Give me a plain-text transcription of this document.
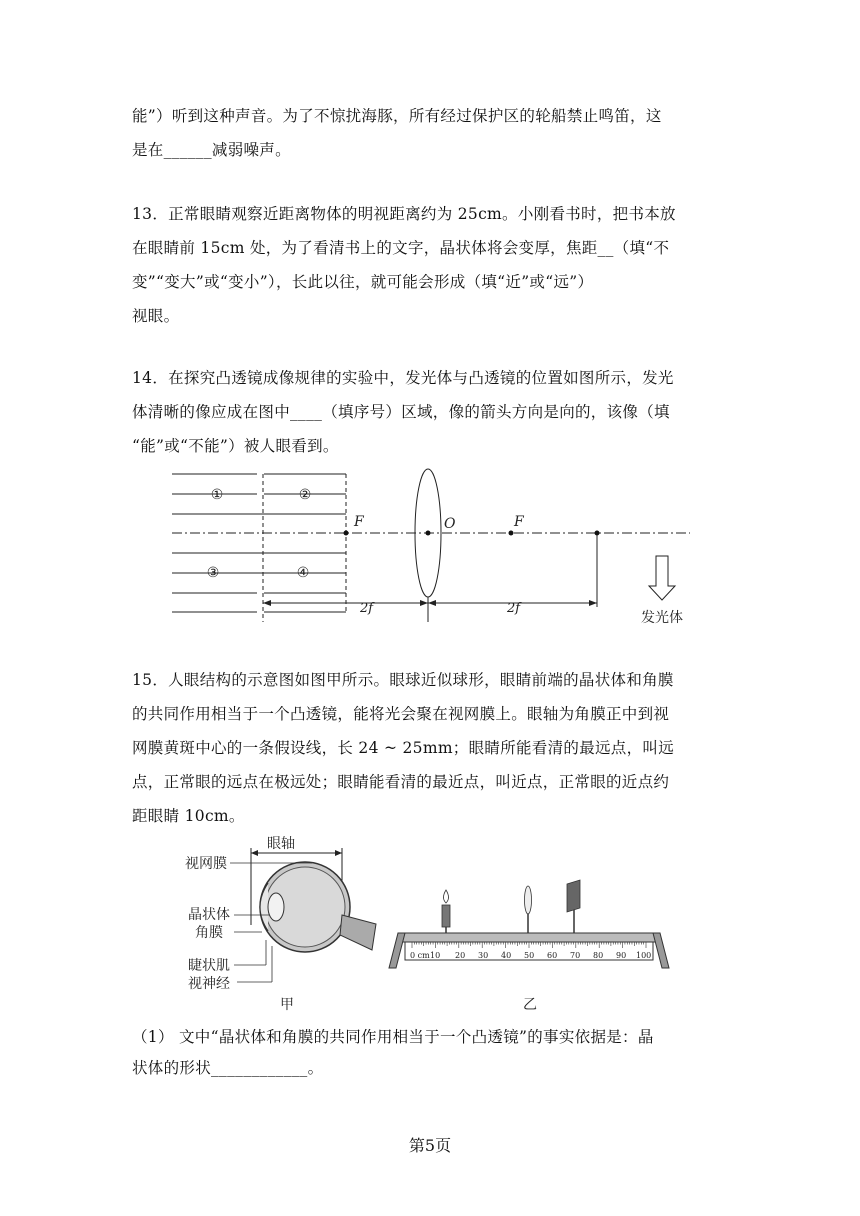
能”）听到这种声音。为了不惊扰海豚，所有经过保护区的轮船禁止鸣笛，这
是在______减弱噪声。
13．正常眼睛观察近距离物体的明视距离约为 25cm。小刚看书时，把书本放
在眼睛前 15cm 处，为了看清书上的文字，晶状体将会变厚，焦距__（填“不
变”“变大”或“变小”），长此以往，就可能会形成（填“近”或“远”）
视眼。
14．在探究凸透镜成像规律的实验中，发光体与凸透镜的位置如图所示，发光
体清晰的像应成在图中____（填序号）区域，像的箭头方向是向的，该像（填
“能”或“不能”）被人眼看到。
15．人眼结构的示意图如图甲所示。眼球近似球形，眼睛前端的晶状体和角膜
的共同作用相当于一个凸透镜，能将光会聚在视网膜上。眼轴为角膜正中到视
网膜黄斑中心的一条假设线，长 24 ~ 25mm；眼睛所能看清的最远点，叫远
点，正常眼的远点在极远处；眼睛能看清的最近点，叫近点，正常眼的近点约
距眼睛 10cm。
（1） 文中“晶状体和角膜的共同作用相当于一个凸透镜”的事实依据是：晶
状体的形状____________。
①	②
③	④
F	O	F
2f	2f
发光体
眼轴
视网膜
晶状体
角膜
睫状肌
视神经
甲	乙
0 cm 10 20 30 40 50 60 70 80 90 100
第5页
